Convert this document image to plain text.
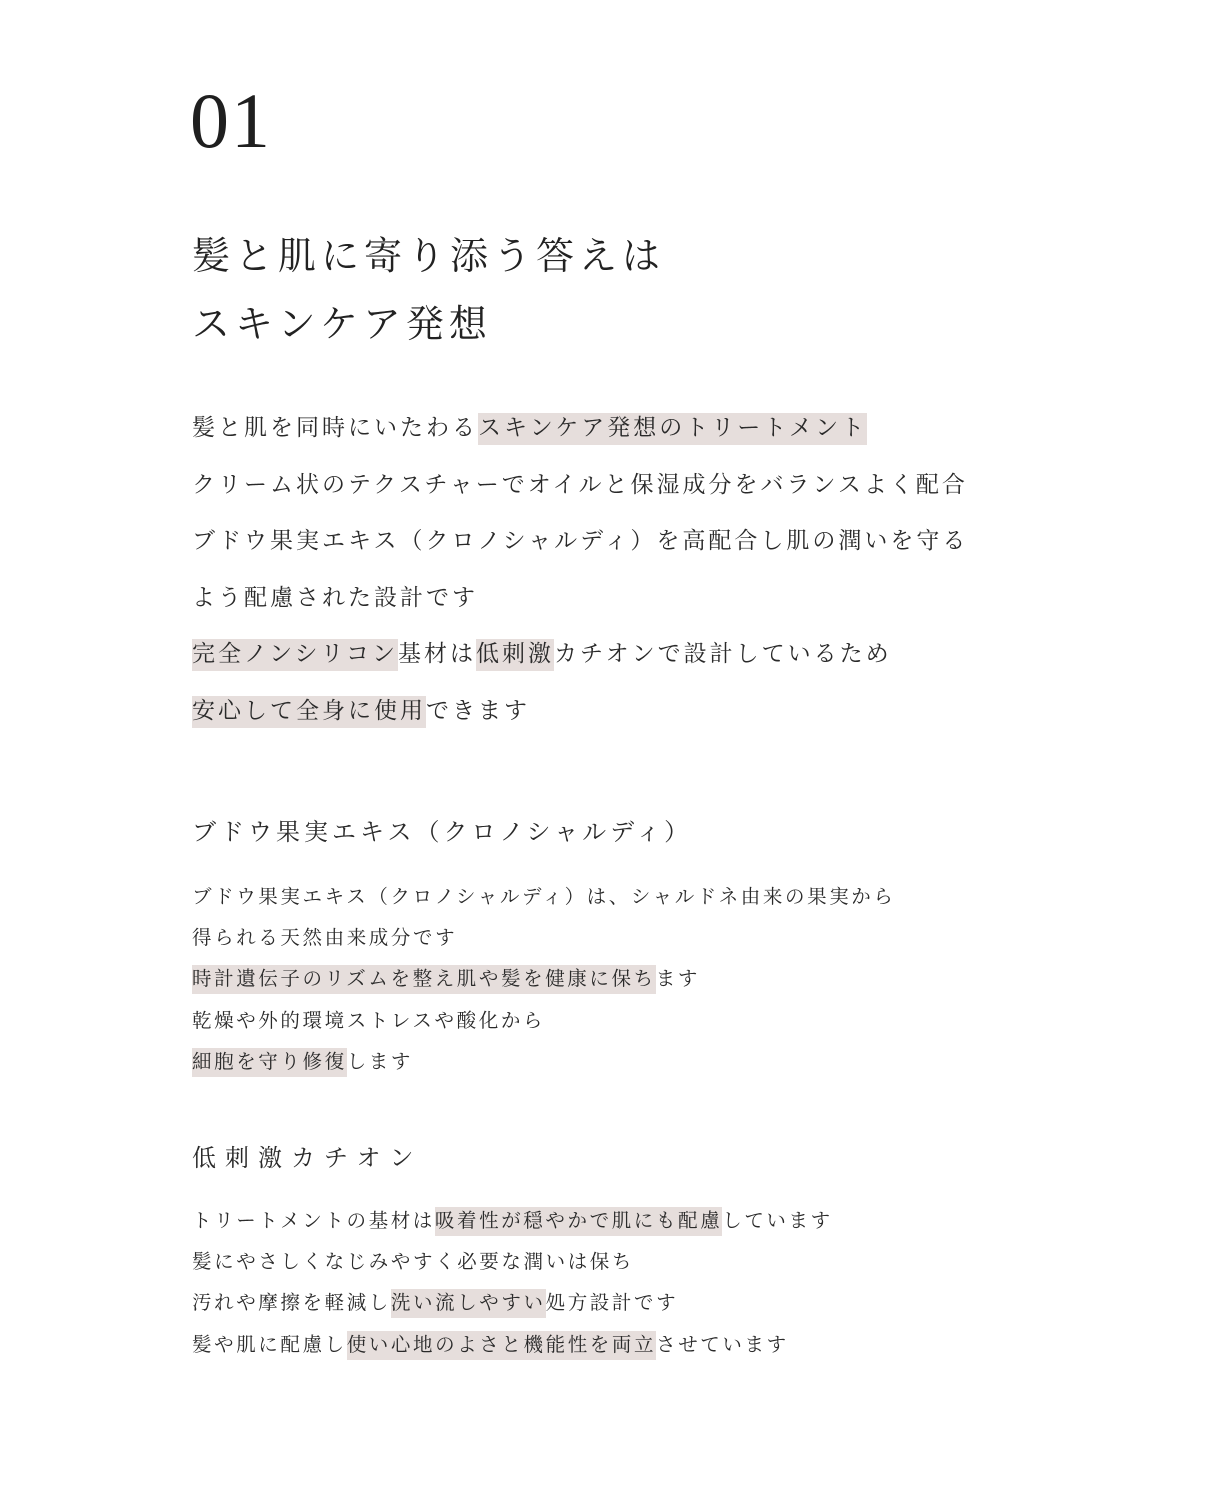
01
髪と肌に寄り添う答えは
スキンケア発想
髪と肌を同時にいたわるスキンケア発想のトリートメント
クリーム状のテクスチャーでオイルと保湿成分をバランスよく配合
ブドウ果実エキス（クロノシャルディ）を高配合し肌の潤いを守る
よう配慮された設計です
完全ノンシリコン基材は低刺激カチオンで設計しているため
安心して全身に使用できます
ブドウ果実エキス（クロノシャルディ）
ブドウ果実エキス（クロノシャルディ）は、シャルドネ由来の果実から
得られる天然由来成分です
時計遺伝子のリズムを整え肌や髪を健康に保ちます
乾燥や外的環境ストレスや酸化から
細胞を守り修復します
低刺激カチオン
トリートメントの基材は吸着性が穏やかで肌にも配慮しています
髪にやさしくなじみやすく必要な潤いは保ち
汚れや摩擦を軽減し洗い流しやすい処方設計です
髪や肌に配慮し使い心地のよさと機能性を両立させています
